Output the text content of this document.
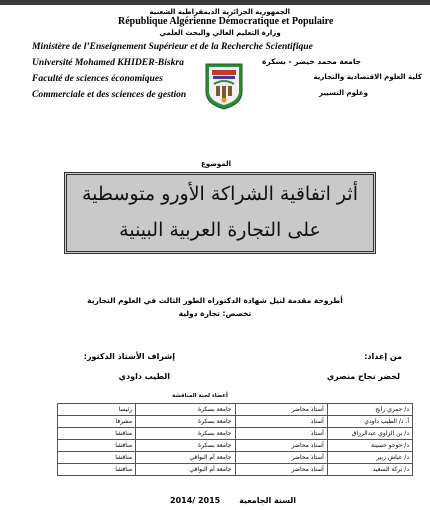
الجمهورية الجزائرية الديمقراطية الشعبية
République Algérienne Démocratique et Populaire
وزارة التعليم العالي والبحث العلمي
Ministère de l’Enseignement Supérieur et de la Recherche Scientifique
Université Mohamed KHIDER-Biskra
Faculté de sciences économiques
Commerciale et des sciences de gestion
جامعة محمد خيضر - بسكرة
كلية العلوم الاقتصادية والتجارية
وعلوم التسيير
الموضوع
أثر اتفاقية الشراكة الأورو متوسطية
على التجارة العربية البينية
أطروحة مقدمة لنيل شهادة الدكتوراه الطور الثالث في العلوم التجارية
تخصص: تجارة دولية
من إعداد:
لخضر نجاح منصري
إشراف الأستاذ الدكتور:
الطيب داودي
أعضاء لجنة المناقشة
د/ حمزي رابح	أستاذ محاضر	جامعة بسكرة	رئيسا
أ. د/ الطيب داودي	أستاذ	جامعة بسكرة	مشرفا
د/ بن الزاوي عبدالرزاق	أستاذ	جامعة بسكرة	مناقشا
د/ حوحو حسينة	أستاذ محاضر	جامعة بسكرة	مناقشا
د/ عياش زبير	أستاذ محاضر	جامعة أم البواقي	مناقشا
د/ بركة السعيد	أستاذ محاضر	جامعة أم البواقي	مناقشا
السنة الجامعية
2014/ 2015
